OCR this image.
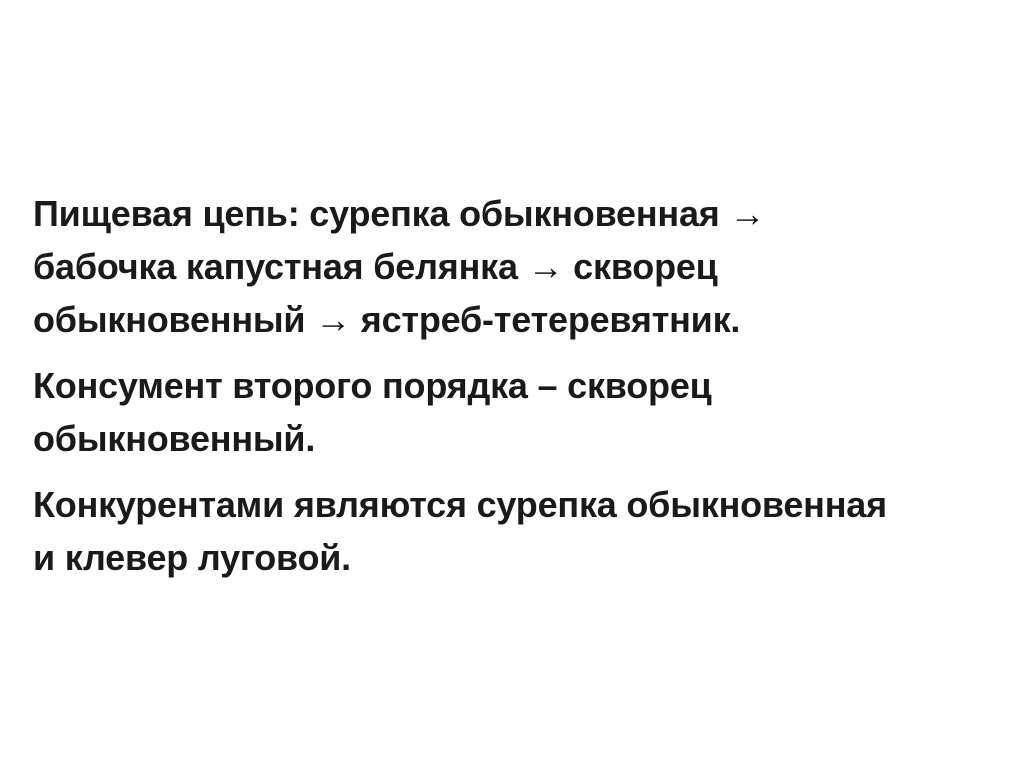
Пищевая цепь: сурепка обыкновенная →
бабочка капустная белянка → скворец
обыкновенный → ястреб-тетеревятник.
Консумент второго порядка – скворец
обыкновенный.
Конкурентами являются сурепка обыкновенная
и клевер луговой.
